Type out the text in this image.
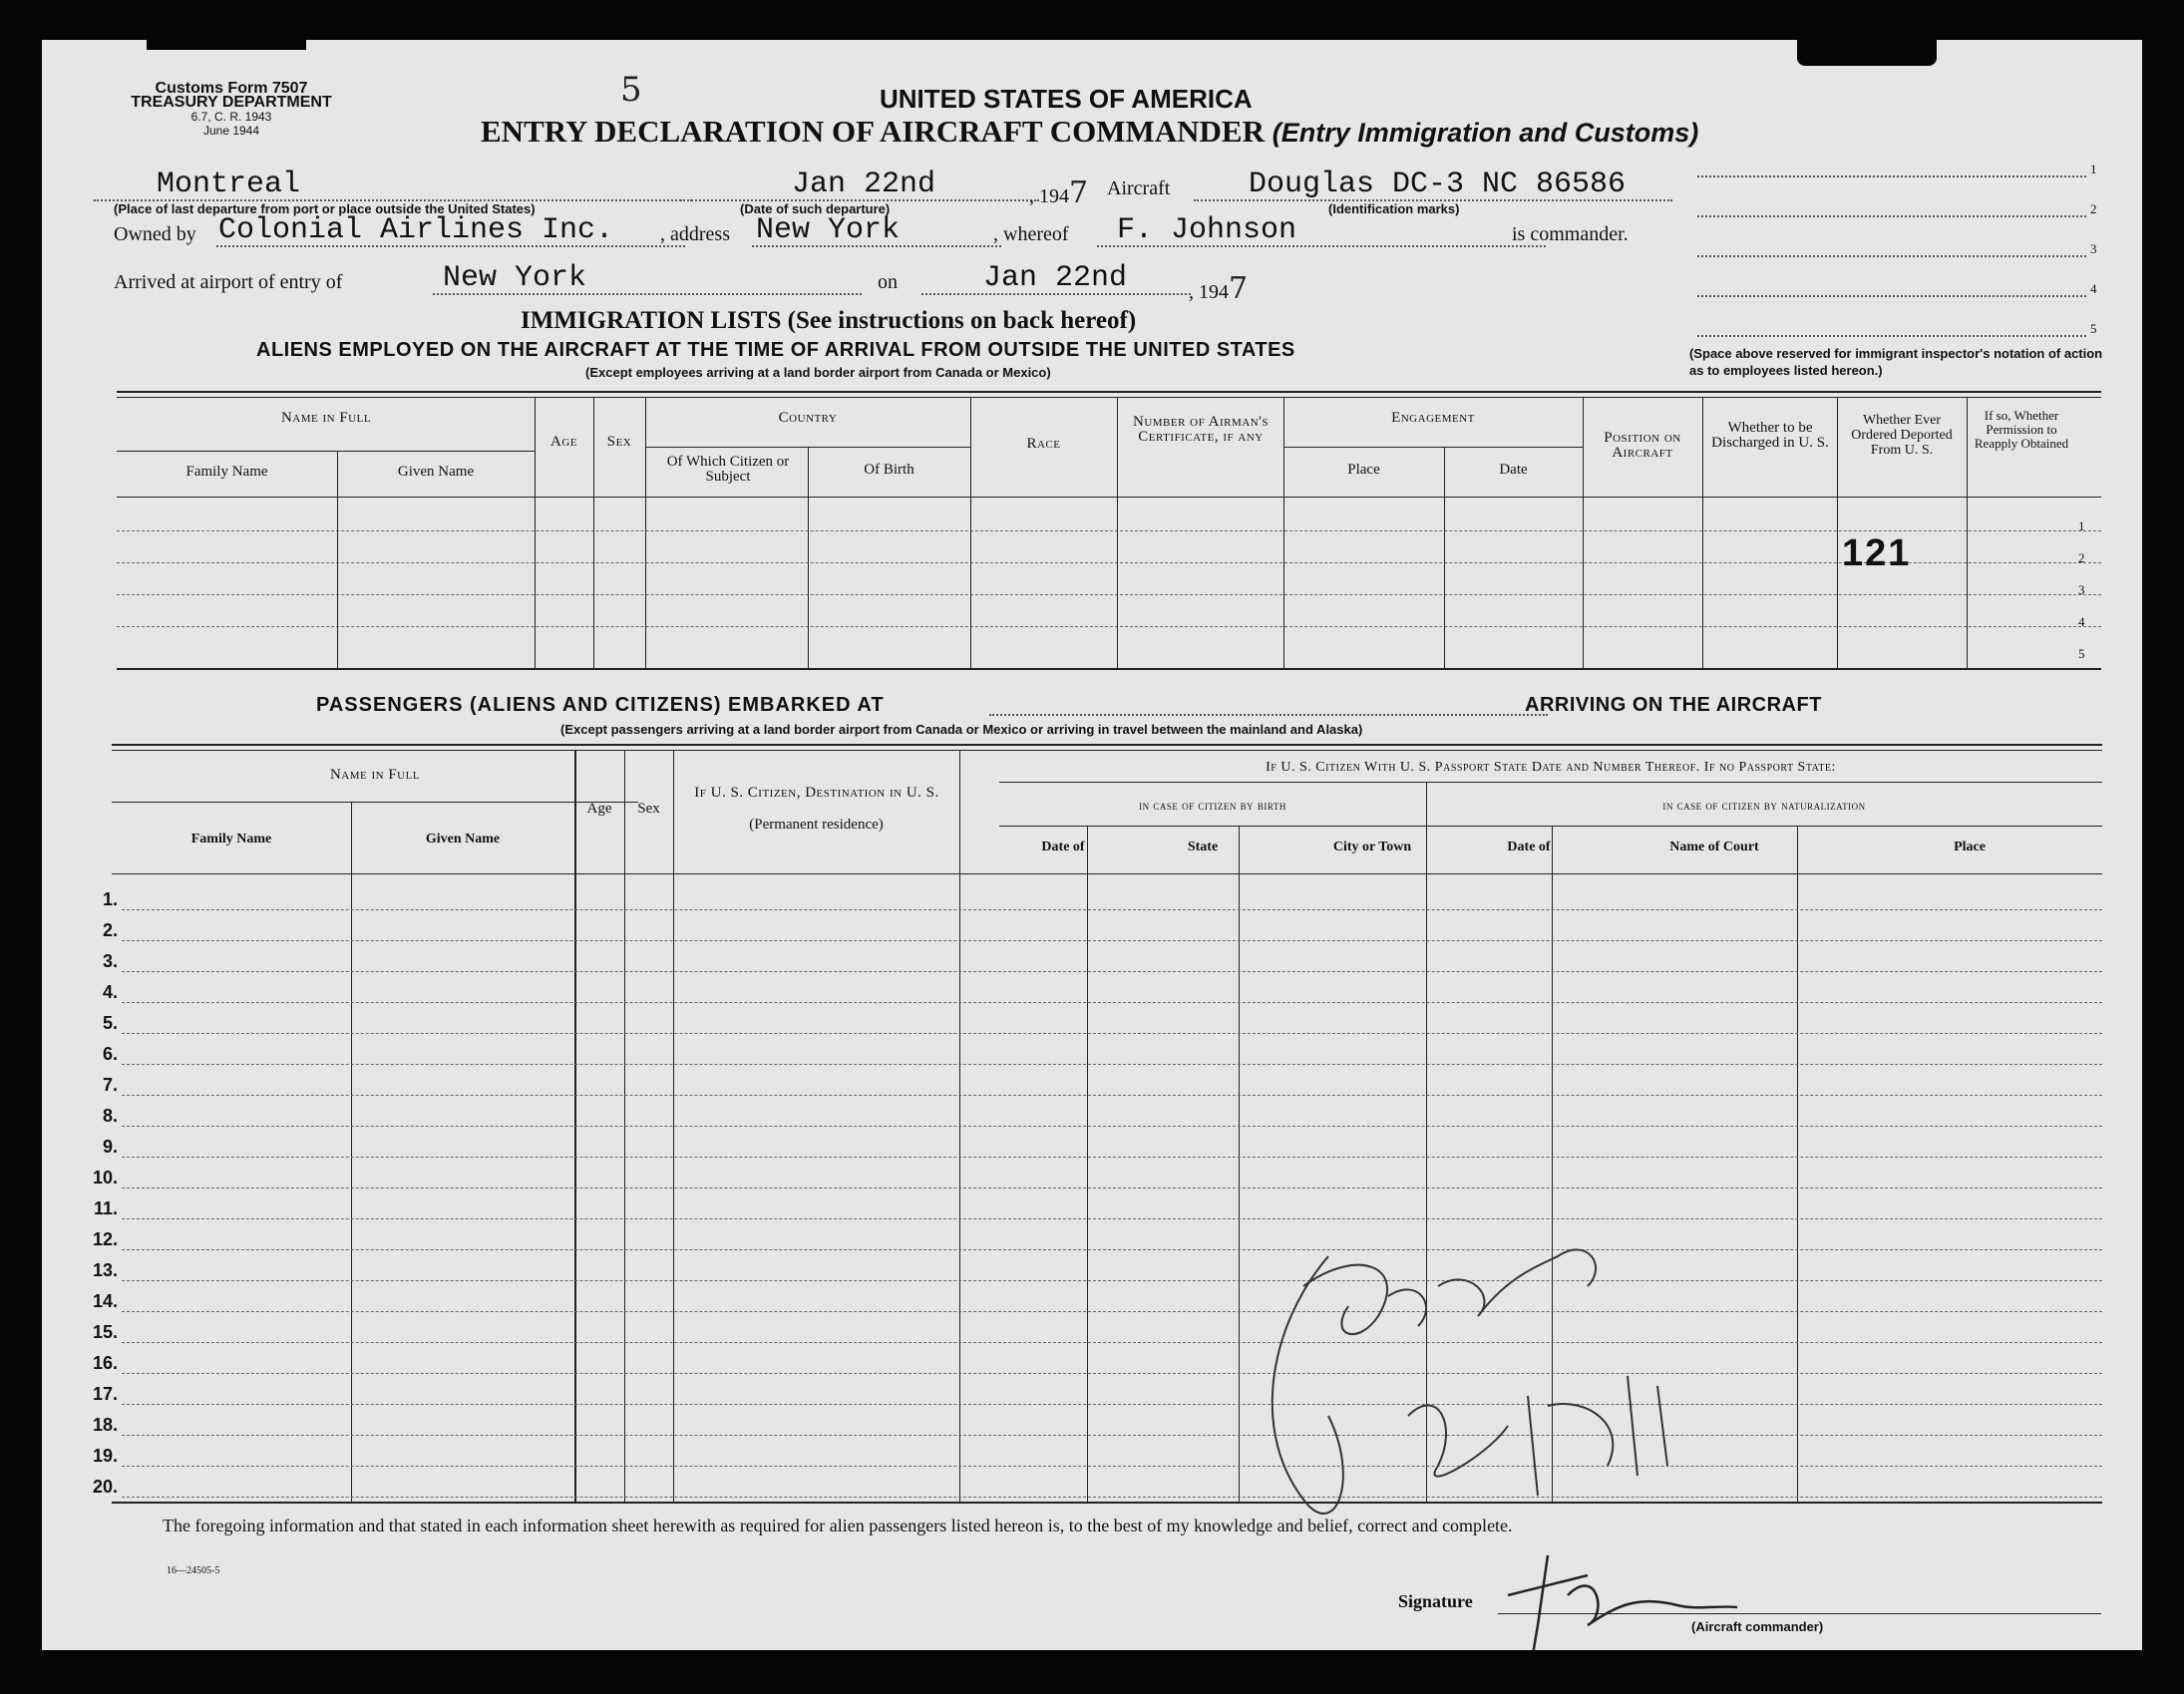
Customs Form 7507
TREASURY DEPARTMENT
6.7, C. R. 1943
June 1944
5	UNITED STATES OF AMERICA
ENTRY DECLARATION OF AIRCRAFT COMMANDER (Entry Immigration and Customs)
Montreal
(Place of last departure from port or place outside the United States)
Jan 22nd
(Date of such departure)
, 1947 Aircraft	Douglas DC-3 NC 86586
(Identification marks)
Owned by Colonial Airlines Inc. , address New York	, whereof F. Johnson	is commander.
Arrived at airport of entry of	New York	on	Jan 22nd	, 1947
1
2
3
4
5
(Space above reserved for immigrant inspector's notation of action as to employees listed hereon.)
IMMIGRATION LISTS (See instructions on back hereof)
ALIENS EMPLOYED ON THE AIRCRAFT AT THE TIME OF ARRIVAL FROM OUTSIDE THE UNITED STATES
(Except employees arriving at a land border airport from Canada or Mexico)
Name in Full
Family Name	Given Name
Age	Sex
Country
Of Which Citizen or Subject	Of Birth
Race
Number of Airman's Certificate, if any
Engagement
Place	Date
Position on Aircraft
Whether to be Discharged in U. S.
Whether Ever Ordered Deported From U. S.
If so, Whether Permission to Reapply Obtained
1
2
3
4
5
121
PASSENGERS (ALIENS AND CITIZENS) EMBARKED AT	ARRIVING ON THE AIRCRAFT
(Except passengers arriving at a land border airport from Canada or Mexico or arriving in travel between the mainland and Alaska)
Name in Full
Family Name	Given Name
Age	Sex
If U. S. Citizen, Destination in U. S.
(Permanent residence)
If U. S. Citizen With U. S. Passport State Date and Number Thereof. If no Passport State:
in case of citizen by birth	in case of citizen by naturalization
Date of	State	City or Town	Date of	Name of Court	Place
1.
2.
3.
4.
5.
6.
7.
8.
9.
10.
11.
12.
13.
14.
15.
16.
17.
18.
19.
20.
The foregoing information and that stated in each information sheet herewith as required for alien passengers listed hereon is, to the best of my knowledge and belief, correct and complete.
16—24505-5
Signature
(Aircraft commander)
